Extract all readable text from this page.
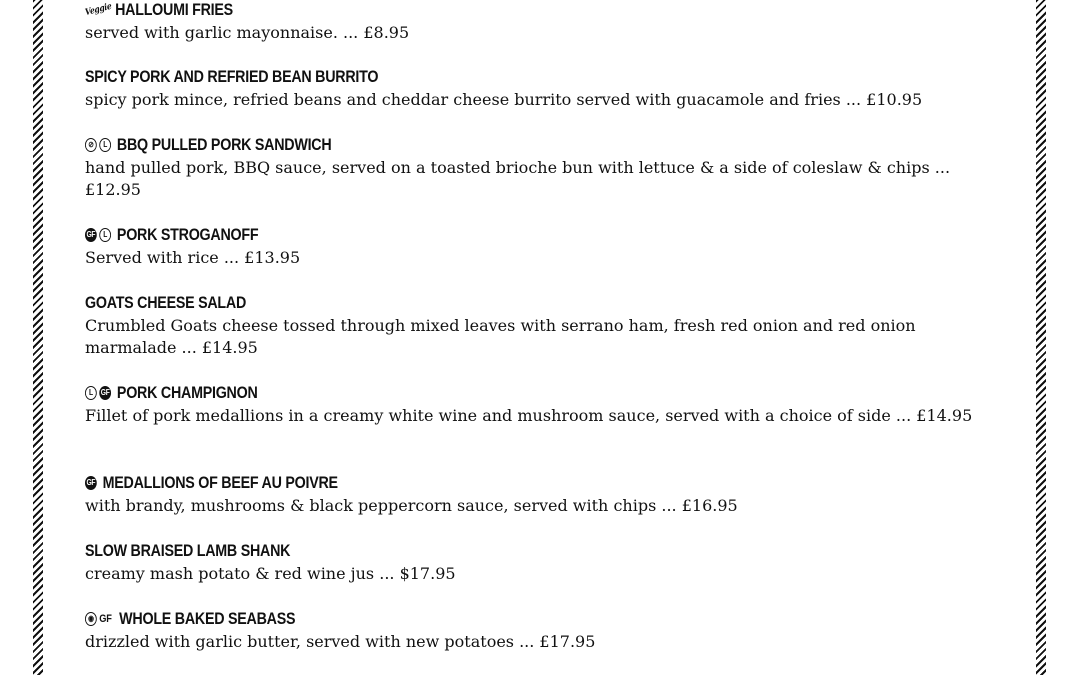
Veggie HALLOUMI FRIES
served with garlic mayonnaise. ... £8.95
SPICY PORK AND REFRIED BEAN BURRITO
spicy pork mince, refried beans and cheddar cheese burrito served with guacamole and fries ... £10.95
⊘	L BBQ PULLED PORK SANDWICH
hand pulled pork, BBQ sauce, served on a toasted brioche bun with lettuce & a side of coleslaw & chips ... £12.95
GF L PORK STROGANOFF
Served with rice ... £13.95
GOATS CHEESE SALAD
Crumbled Goats cheese tossed through mixed leaves with serrano ham, fresh red onion and red onion marmalade ... £14.95
L GF PORK CHAMPIGNON
Fillet of pork medallions in a creamy white wine and mushroom sauce, served with a choice of side ... £14.95
GF MEDALLIONS OF BEEF AU POIVRE
with brandy, mushrooms & black peppercorn sauce, served with chips ... £16.95
SLOW BRAISED LAMB SHANK
creamy mash potato & red wine jus ... $17.95
◉ GF WHOLE BAKED SEABASS
drizzled with garlic butter, served with new potatoes ... £17.95
